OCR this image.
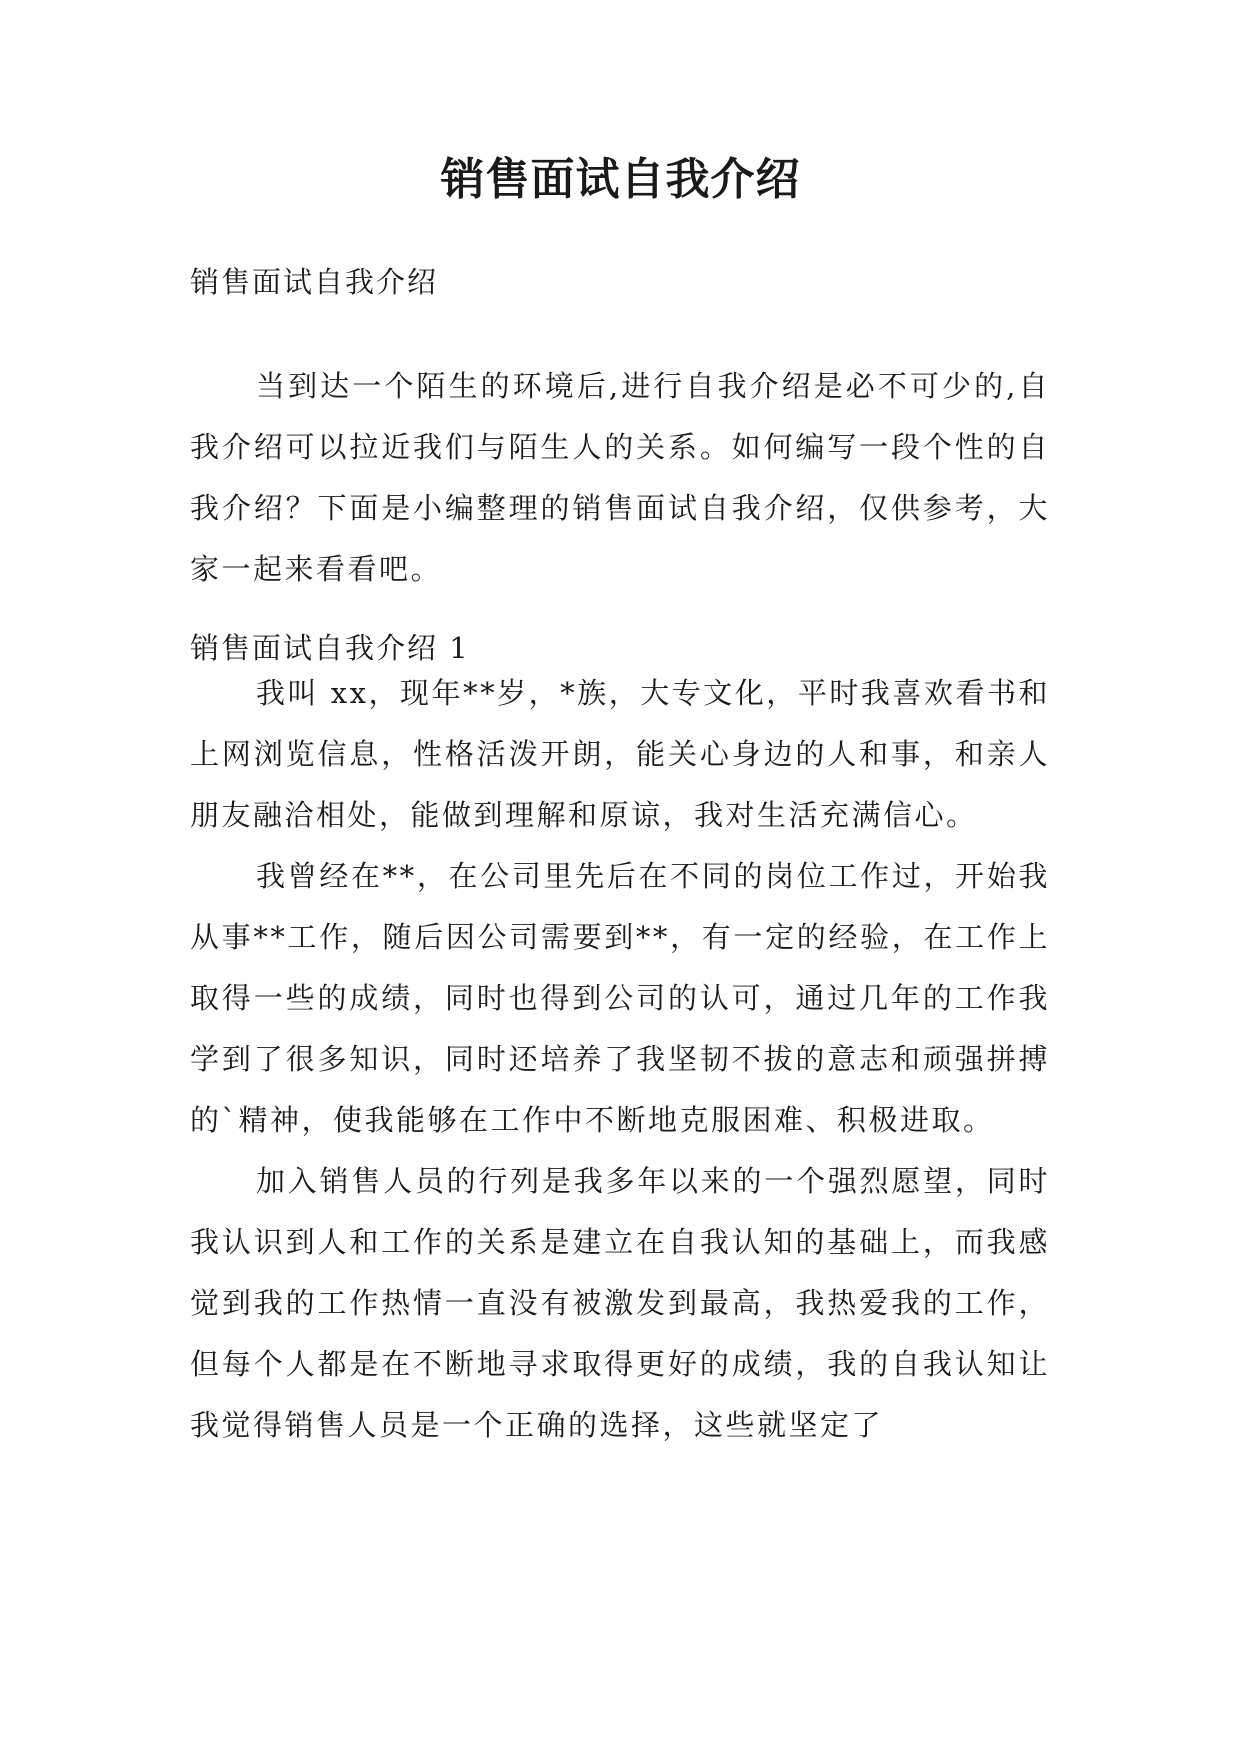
销售面试自我介绍

销售面试自我介绍

当到达一个陌生的环境后,进行自我介绍是必不可少的,自我介绍可以拉近我们与陌生人的关系。如何编写一段个性的自我介绍？下面是小编整理的销售面试自我介绍，仅供参考，大家一起来看看吧。

销售面试自我介绍 1

我叫 xx，现年**岁，*族，大专文化，平时我喜欢看书和上网浏览信息，性格活泼开朗，能关心身边的人和事，和亲人朋友融洽相处，能做到理解和原谅，我对生活充满信心。

我曾经在**，在公司里先后在不同的岗位工作过，开始我从事**工作，随后因公司需要到**，有一定的经验，在工作上取得一些的成绩，同时也得到公司的认可，通过几年的工作我学到了很多知识，同时还培养了我坚韧不拔的意志和顽强拼搏的`精神，使我能够在工作中不断地克服困难、积极进取。

加入销售人员的行列是我多年以来的一个强烈愿望，同时我认识到人和工作的关系是建立在自我认知的基础上，而我感觉到我的工作热情一直没有被激发到最高，我热爱我的工作，但每个人都是在不断地寻求取得更好的成绩，我的自我认知让我觉得销售人员是一个正确的选择，这些就坚定了
